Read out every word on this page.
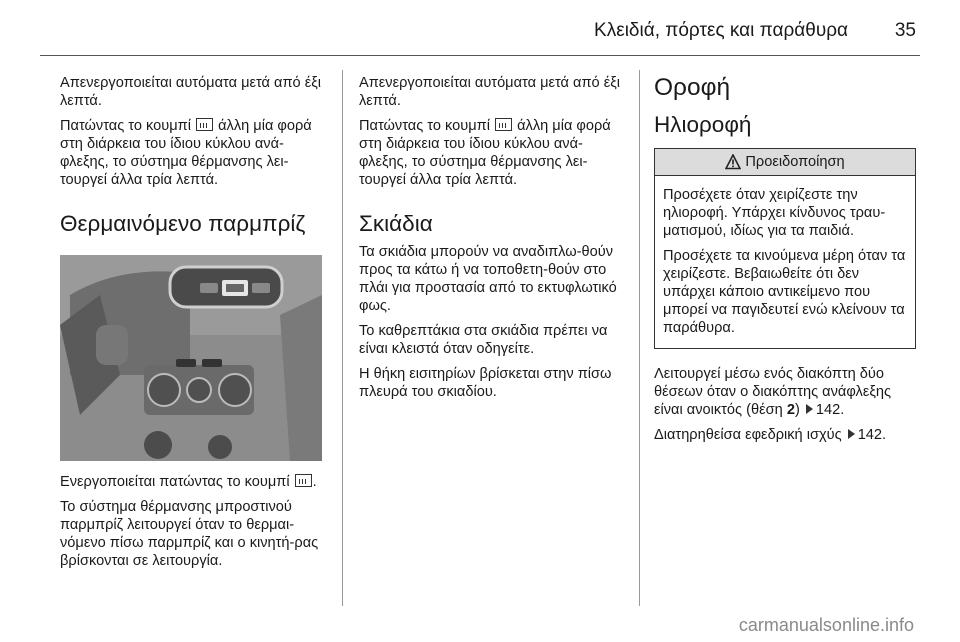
Κλειδιά, πόρτες και παράθυρα 35

Απενεργοποιείται αυτόματα μετά από έξι λεπτά.

Πατώντας το κουμπί  άλλη μία φορά στη διάρκεια του ίδιου κύκλου ανά-φλεξης, το σύστημα θέρμανσης λει-τουργεί άλλα τρία λεπτά.

Θερμαινόμενο παρμπρίζ

Ενεργοποιείται πατώντας το κουμπί .

Το σύστημα θέρμανσης μπροστινού παρμπρίζ λειτουργεί όταν το θερμαι-νόμενο πίσω παρμπρίζ και ο κινητή-ρας βρίσκονται σε λειτουργία.

Απενεργοποιείται αυτόματα μετά από έξι λεπτά.

Πατώντας το κουμπί  άλλη μία φορά στη διάρκεια του ίδιου κύκλου ανά-φλεξης, το σύστημα θέρμανσης λει-τουργεί άλλα τρία λεπτά.

Σκιάδια

Τα σκιάδια μπορούν να αναδιπλω-θούν προς τα κάτω ή να τοποθετη-θούν στο πλάι για προστασία από το εκτυφλωτικό φως.

Το καθρεπτάκια στα σκιάδια πρέπει να είναι κλειστά όταν οδηγείτε.

Η θήκη εισιτηρίων βρίσκεται στην πίσω πλευρά του σκιαδίου.

Οροφή
Ηλιοροφή
Προειδοποίηση

Προσέχετε όταν χειρίζεστε την ηλιοροφή. Υπάρχει κίνδυνος τραυ-ματισμού, ιδίως για τα παιδιά.

Προσέχετε τα κινούμενα μέρη όταν τα χειρίζεστε. Βεβαιωθείτε ότι δεν υπάρχει κάποιο αντικείμενο που μπορεί να παγιδευτεί ενώ κλείνουν τα παράθυρα.

Λειτουργεί μέσω ενός διακόπτη δύο θέσεων όταν ο διακόπτης ανάφλεξης είναι ανοικτός (θέση 2) 142.

Διατηρηθείσα εφεδρική ισχύς 142.

carmanualsonline.info
